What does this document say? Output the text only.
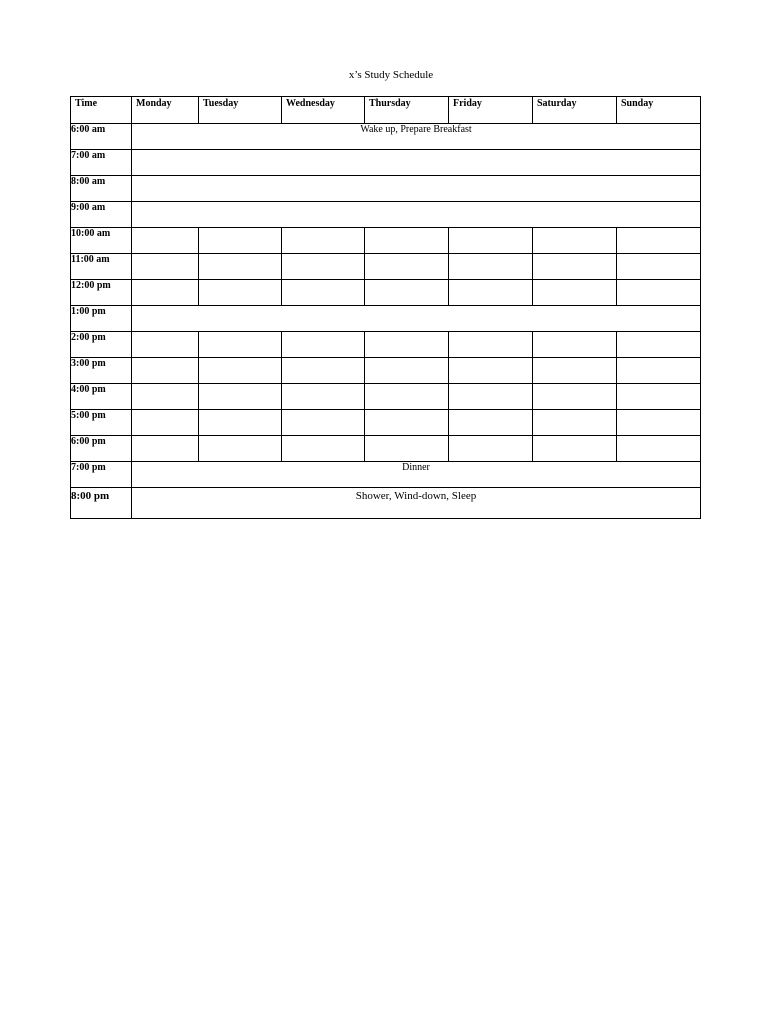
x’s Study Schedule
Time	Monday	Tuesday	Wednesday	Thursday	Friday	Saturday	Sunday
6:00 am	Wake up, Prepare Breakfast						
7:00 am							
8:00 am							
9:00 am							
10:00 am							
11:00 am							
12:00 pm							
1:00 pm							
2:00 pm							
3:00 pm							
4:00 pm							
5:00 pm							
6:00 pm							
7:00 pm	Dinner						
8:00 pm	Shower, Wind-down, Sleep						
